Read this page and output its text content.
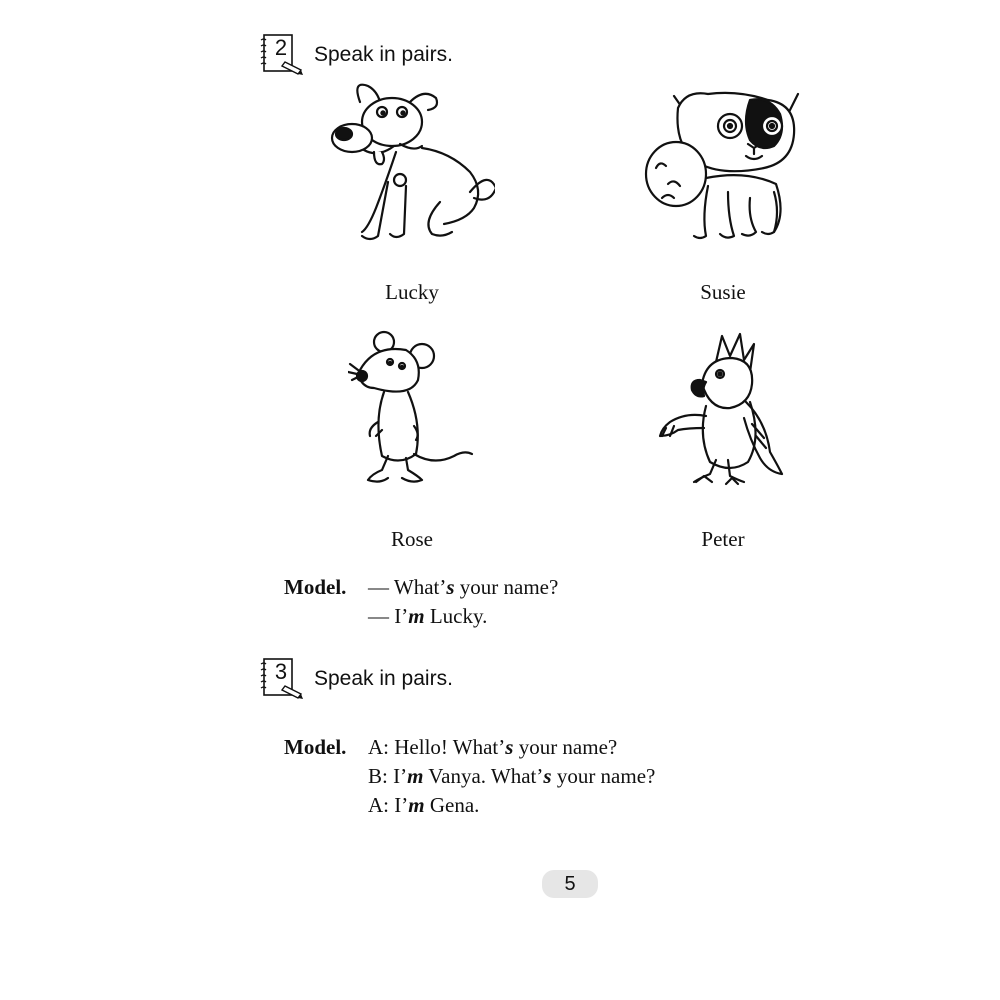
2 Speak in pairs.
Lucky	Susie
Rose	Peter
Model. — What’s your name?
— I’m Lucky.
3 Speak in pairs.
Model. A: Hello! What’s your name?
B: I’m Vanya. What’s your name?
A: I’m Gena.
5
